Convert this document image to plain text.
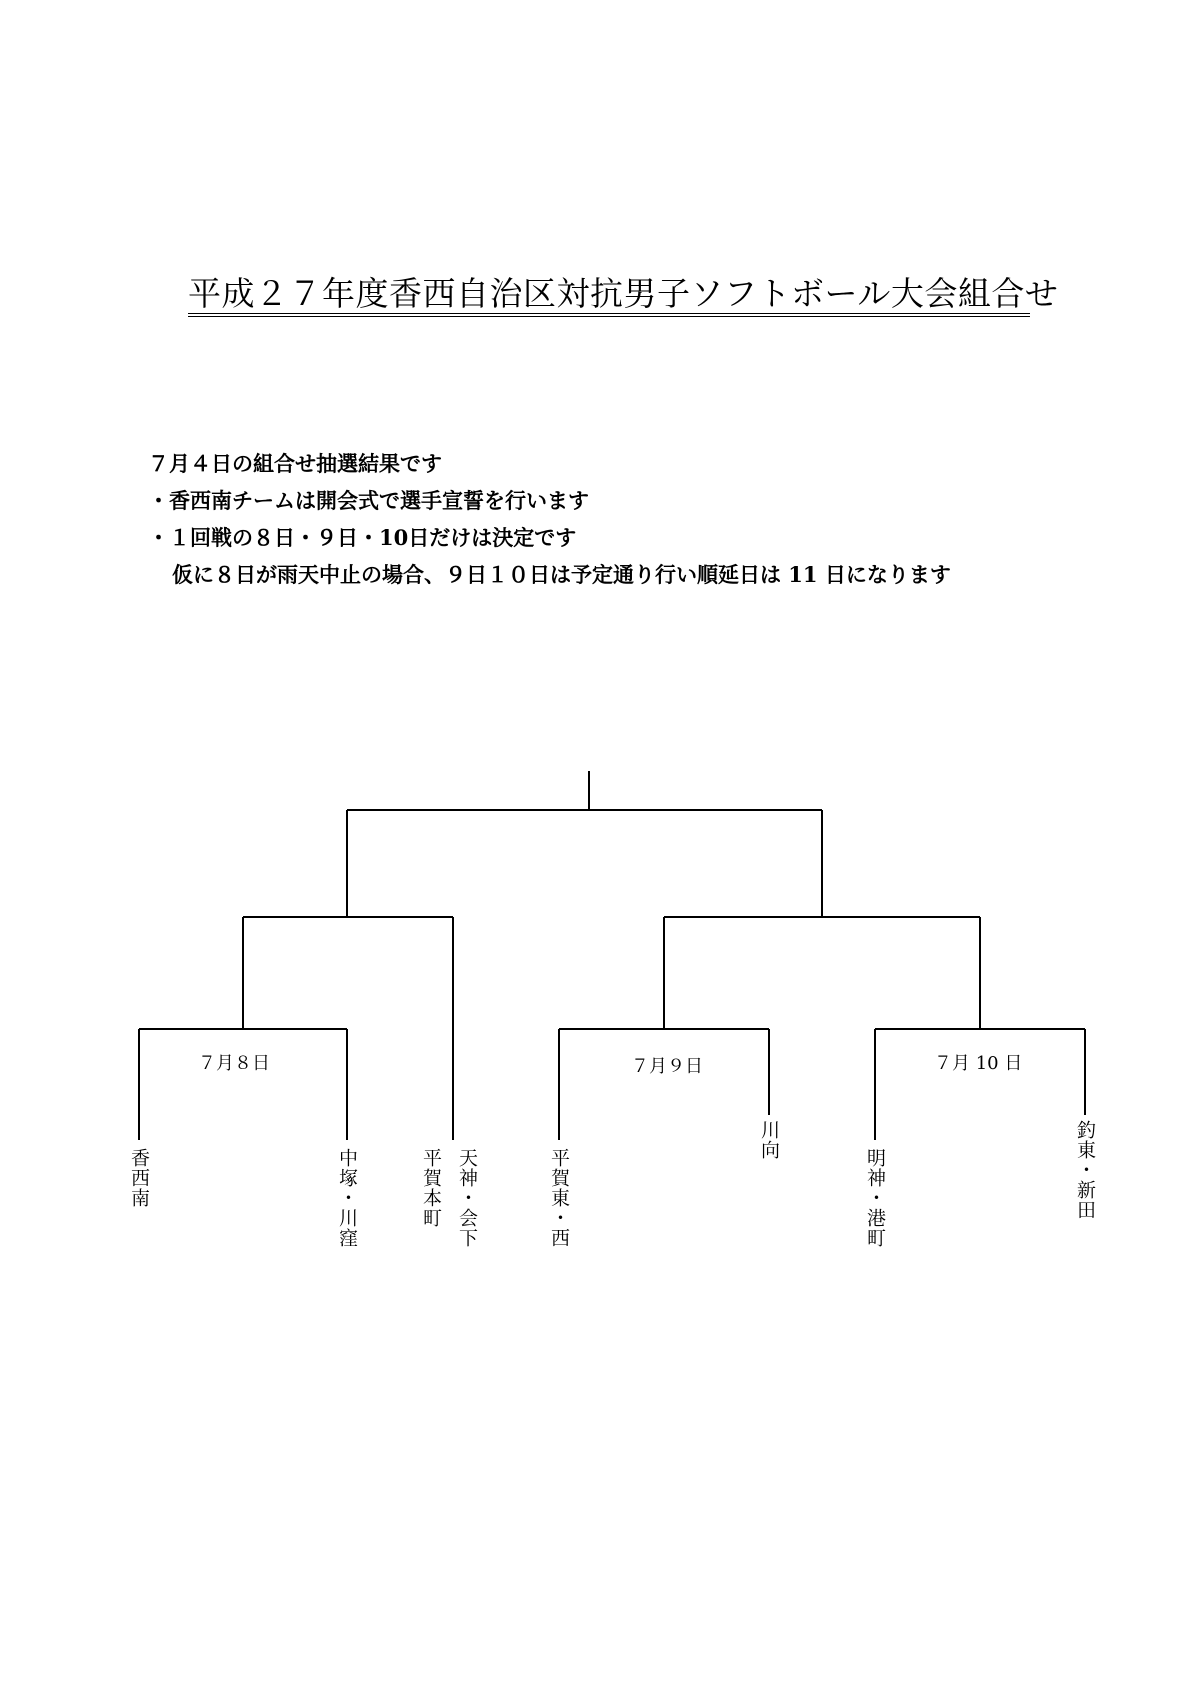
平成２７年度香西自治区対抗男子ソフトボール大会組合せ
７月４日の組合せ抽選結果です
・香西南チームは開会式で選手宣誓を行います
・１回戦の８日・９日・10日だけは決定です
仮に８日が雨天中止の場合、９日１０日は予定通り行い順延日は 11 日になります
７月８日	７月９日	７月 10 日
香西南	中塚・川窪	平賀本町 天神・会下	平賀東・西
川向
明神・港町	釣東・新田
